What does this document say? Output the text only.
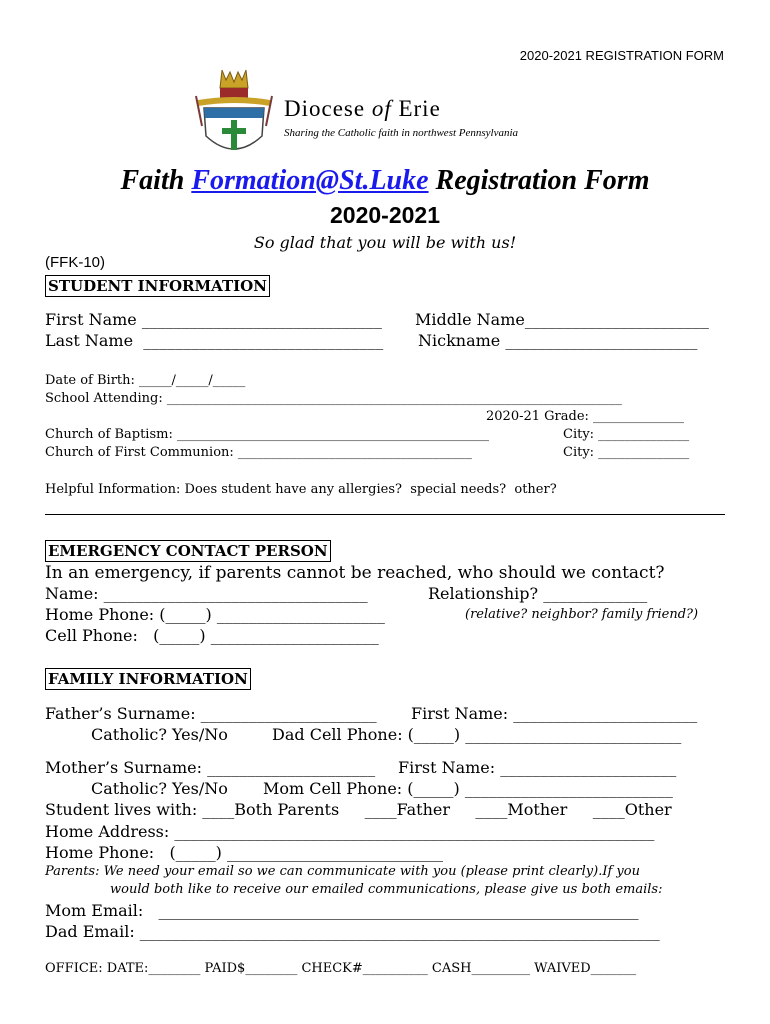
2020-2021 REGISTRATION FORM
Diocese of Erie
Sharing the Catholic faith in northwest Pennsylvania
Faith Formation@St.Luke Registration Form
2020-2021
So glad that you will be with us!
(FFK-10)
STUDENT INFORMATION
First Name ______________________________ Middle Name_______________________
Last Name  ______________________________ Nickname ________________________
Date of Birth: _____/_____/_____
School Attending: ______________________________________________________________________
2020-21 Grade: ______________
Church of Baptism: ________________________________________________	City: ______________
Church of First Communion: ____________________________________	City: ______________
Helpful Information: Does student have any allergies?  special needs?  other?
EMERGENCY CONTACT PERSON
In an emergency, if parents cannot be reached, who should we contact?
Name: _________________________________	Relationship? _____________
Home Phone: (_____) _____________________	(relative? neighbor? family friend?)
Cell Phone:   (_____) _____________________
FAMILY INFORMATION
Father’s Surname: ______________________ First Name: _______________________
Catholic? Yes/No	Dad Cell Phone: (_____) ___________________________
Mother’s Surname: _____________________ First Name: ______________________
Catholic? Yes/No Mom Cell Phone: (_____) __________________________
Student lives with: ____Both Parents     ____Father     ____Mother     ____Other
Home Address: ____________________________________________________________
Home Phone:   (_____) ___________________________
Parents: We need your email so we can communicate with you (please print clearly).If you
would both like to receive our emailed communications, please give us both emails:
Mom Email:   ____________________________________________________________
Dad Email: _________________________________________________________________
OFFICE: DATE:________ PAID$________ CHECK#__________ CASH_________ WAIVED_______
